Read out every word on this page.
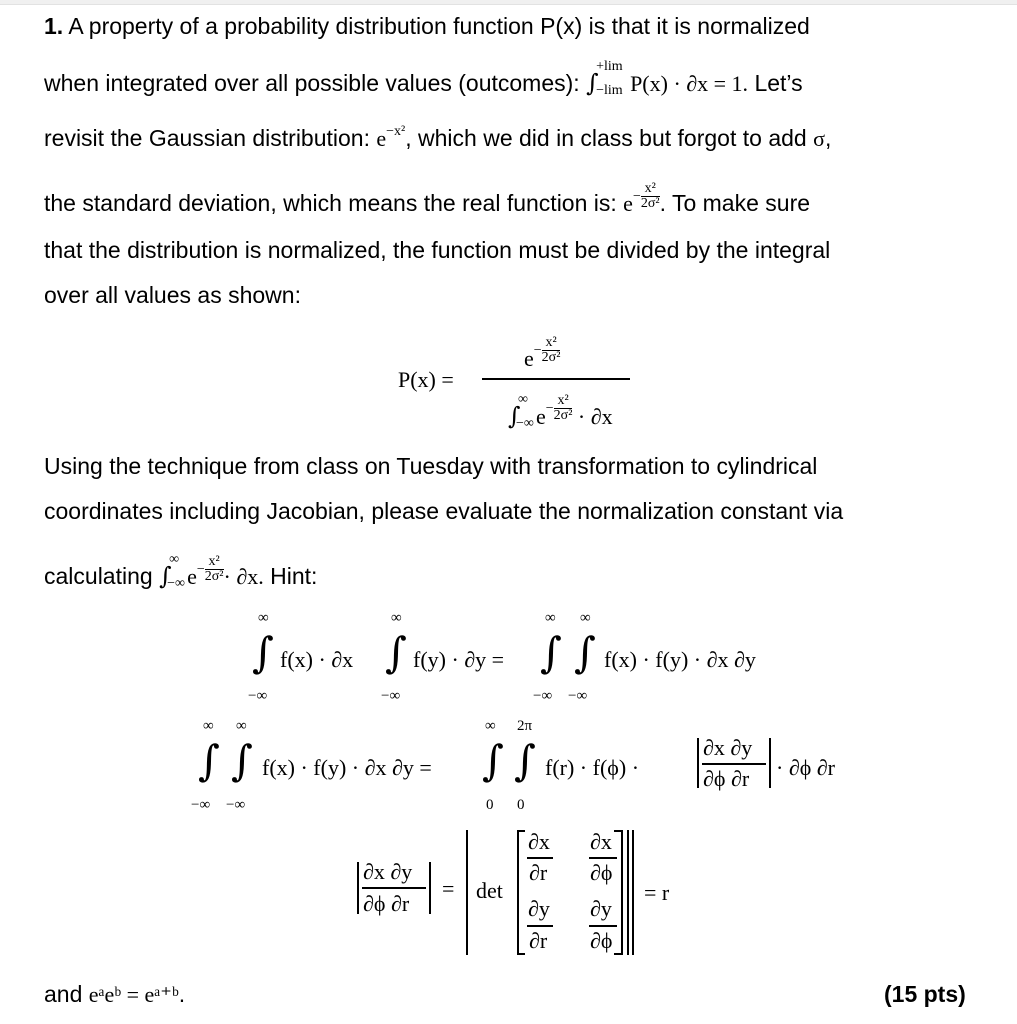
1. A property of a probability distribution function P(x) is that it is normalized
when integrated over all possible values (outcomes): ∫
+lim
−lim P(x) · ∂x = 1. Let’s
revisit the Gaussian distribution: $e^{-x^2}$, which we did in class but forgot to add σ,
the standard deviation, which means the real function is: $e^{- \frac{\text{x²}}{\text{2σ²}}}$ . To make sure
that the distribution is normalized, the function must be divided by the integral
over all values as shown:
P(x) =
$e^{- \frac{\text{x²}}{\text{2σ²}}}$
∫
∞
−∞ $e^{- \frac{\text{x²}}{\text{2σ²}}} \cdot \partial x$
Using the technique from class on Tuesday with transformation to cylindrical
coordinates including Jacobian, please evaluate the normalization constant via
calculating ∫
∞
−∞ $e^{- \frac{\text{x²}}{\text{2σ²}}} \cdot \partial x$. Hint:
∞
∫
−∞
f(x) · ∂x
∞
∫
−∞
f(y) · ∂y =
∞ ∞
∫ ∫
−∞ −∞
f(x) · f(y) · ∂x ∂y
∞ ∞
∫ ∫
−∞ −∞
f(x) · f(y) · ∂x ∂y =
∞ 2π
∫ ∫
0 0
f(r) · f(ϕ) ·
∂x ∂y
∂ϕ ∂r · ∂ϕ ∂r
∂x ∂y
∂ϕ ∂r
= det
∂x
∂r
∂x
∂ϕ
∂y
∂r
∂y
∂ϕ
= r
and eᵃeᵇ = eᵃ⁺ᵇ.	(15 pts)
